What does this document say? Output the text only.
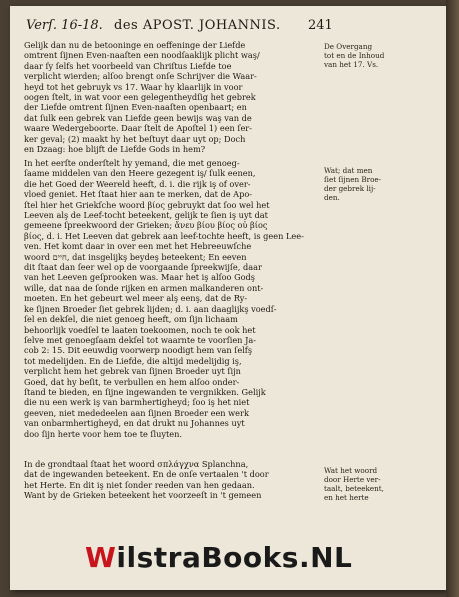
Verſ. 16-18. des APOST. JOHANNIS. 241
Gelijk dan nu de betooninge en oeffeninge der Liefde
omtrent ſijnen Even-naaſten een noodſaaklijk plicht waş/
daar ſy ſelfs het voorbeeld van Chriſtus Liefde toe
verplicht wierden; alſoo brengt onſe Schrijver die Waar-
heyd tot het gebruyk vs 17. Waar hy klaarlijk in voor
oogen ſtelt, in wat voor een gelegentheydſig het gebrek
der Liefde omtrent ſijnen Even-naaſten openbaart; en
dat ſulk een gebrek van Liefde geen bewijs waş van de
waare Wedergeboorte. Daar ſtelt de Apoſtel 1) een ſer-
ker geval; (2) maakt hy het beſtuyt daar uyt op; Doch
en Dzaag: hoe blijft de Liefde Gods in hem?
In het eerſte onderſtelt hy yemand, die met genoeg-
ſaame middelen van den Heere gezegent iş/ ſulk eenen,
die het Goed der Weereld heeft, d. i. die rijk iş of over-
vloed geniet. Het ſtaat hier aan te merken, dat de Apo-
ſtel hier het Griekſche woord βίος gebruykt dat ſoo wel het
Leeven alş de Leef-tocht beteekent, gelijk te ſien iş uyt dat
gemeene ſpreekwoord der Grieken; ἄνευ βίου βίος οὐ βίος
βίος, d. i. Het Leeven dat gebrek aan leef-tochte heeft, is geen Lee-
ven. Het komt daar in over een met het Hebreeuwſche
woord חיים, dat insgelijkş beydeş beteekent; En eeven
dit ſtaat dan ſeer wel op de voorgaande ſpreekwijſe, daar
van het Leeven geſprooken was. Maar het iş alſoo Godş
wille, dat naa de ſonde rijken en armen malkanderen ont-
moeten. En het gebeurt wel meer alş eenş, dat de Ry-
ke ſijnen Broeder ſiet gebrek lijden; d. i. aan daaglijkş voedſ-
ſel en dekſel, die niet genoeg heeft, om ſijn lichaam
behoorlijk voedſel te laaten toekoomen, noch te ook het
ſelve met genoegſaam dekſel tot waarnte te voorſien Ja-
cob 2: 15. Dit eeuwdig voorwerp noodigt hem van ſelfş
tot medelijden. En de Liefde, die altijd medelijdig iş,
verplicht hem het gebrek van ſijnen Broeder uyt ſijn
Goed, dat hy beſit, te verbullen en hem alſoo onder-
ſtand te bieden, en ſijne ingewanden te vergnikken. Gelijk
die nu een werk iş van barmhertigheyd; ſoo iş het niet
geeven, niet mededeelen aan ſijnen Broeder een werk
van onbarmhertigheyd, en dat drukt nu Johannes uyt
doo ſijn herte voor hem toe te ſluyten.
In de grondtaal ſtaat het woord σπλάγχνα Splanchna,
dat de ingewanden beteekent. En de onſe vertaalen 't door
het Herte. En dit iş niet ſonder reeden van hen gedaan.
Want by de Grieken beteekent het voorzeeſt in 't gemeen
De Overgang
tot en de Inhoud
van het 17. Vs.
Wat; dat men
ſiet ſijnen Broe-
der gebrek lij-
den.
Wat het woord
door Herte ver-
taalt, beteekent,
en het herte
WilstraBooks.NL
